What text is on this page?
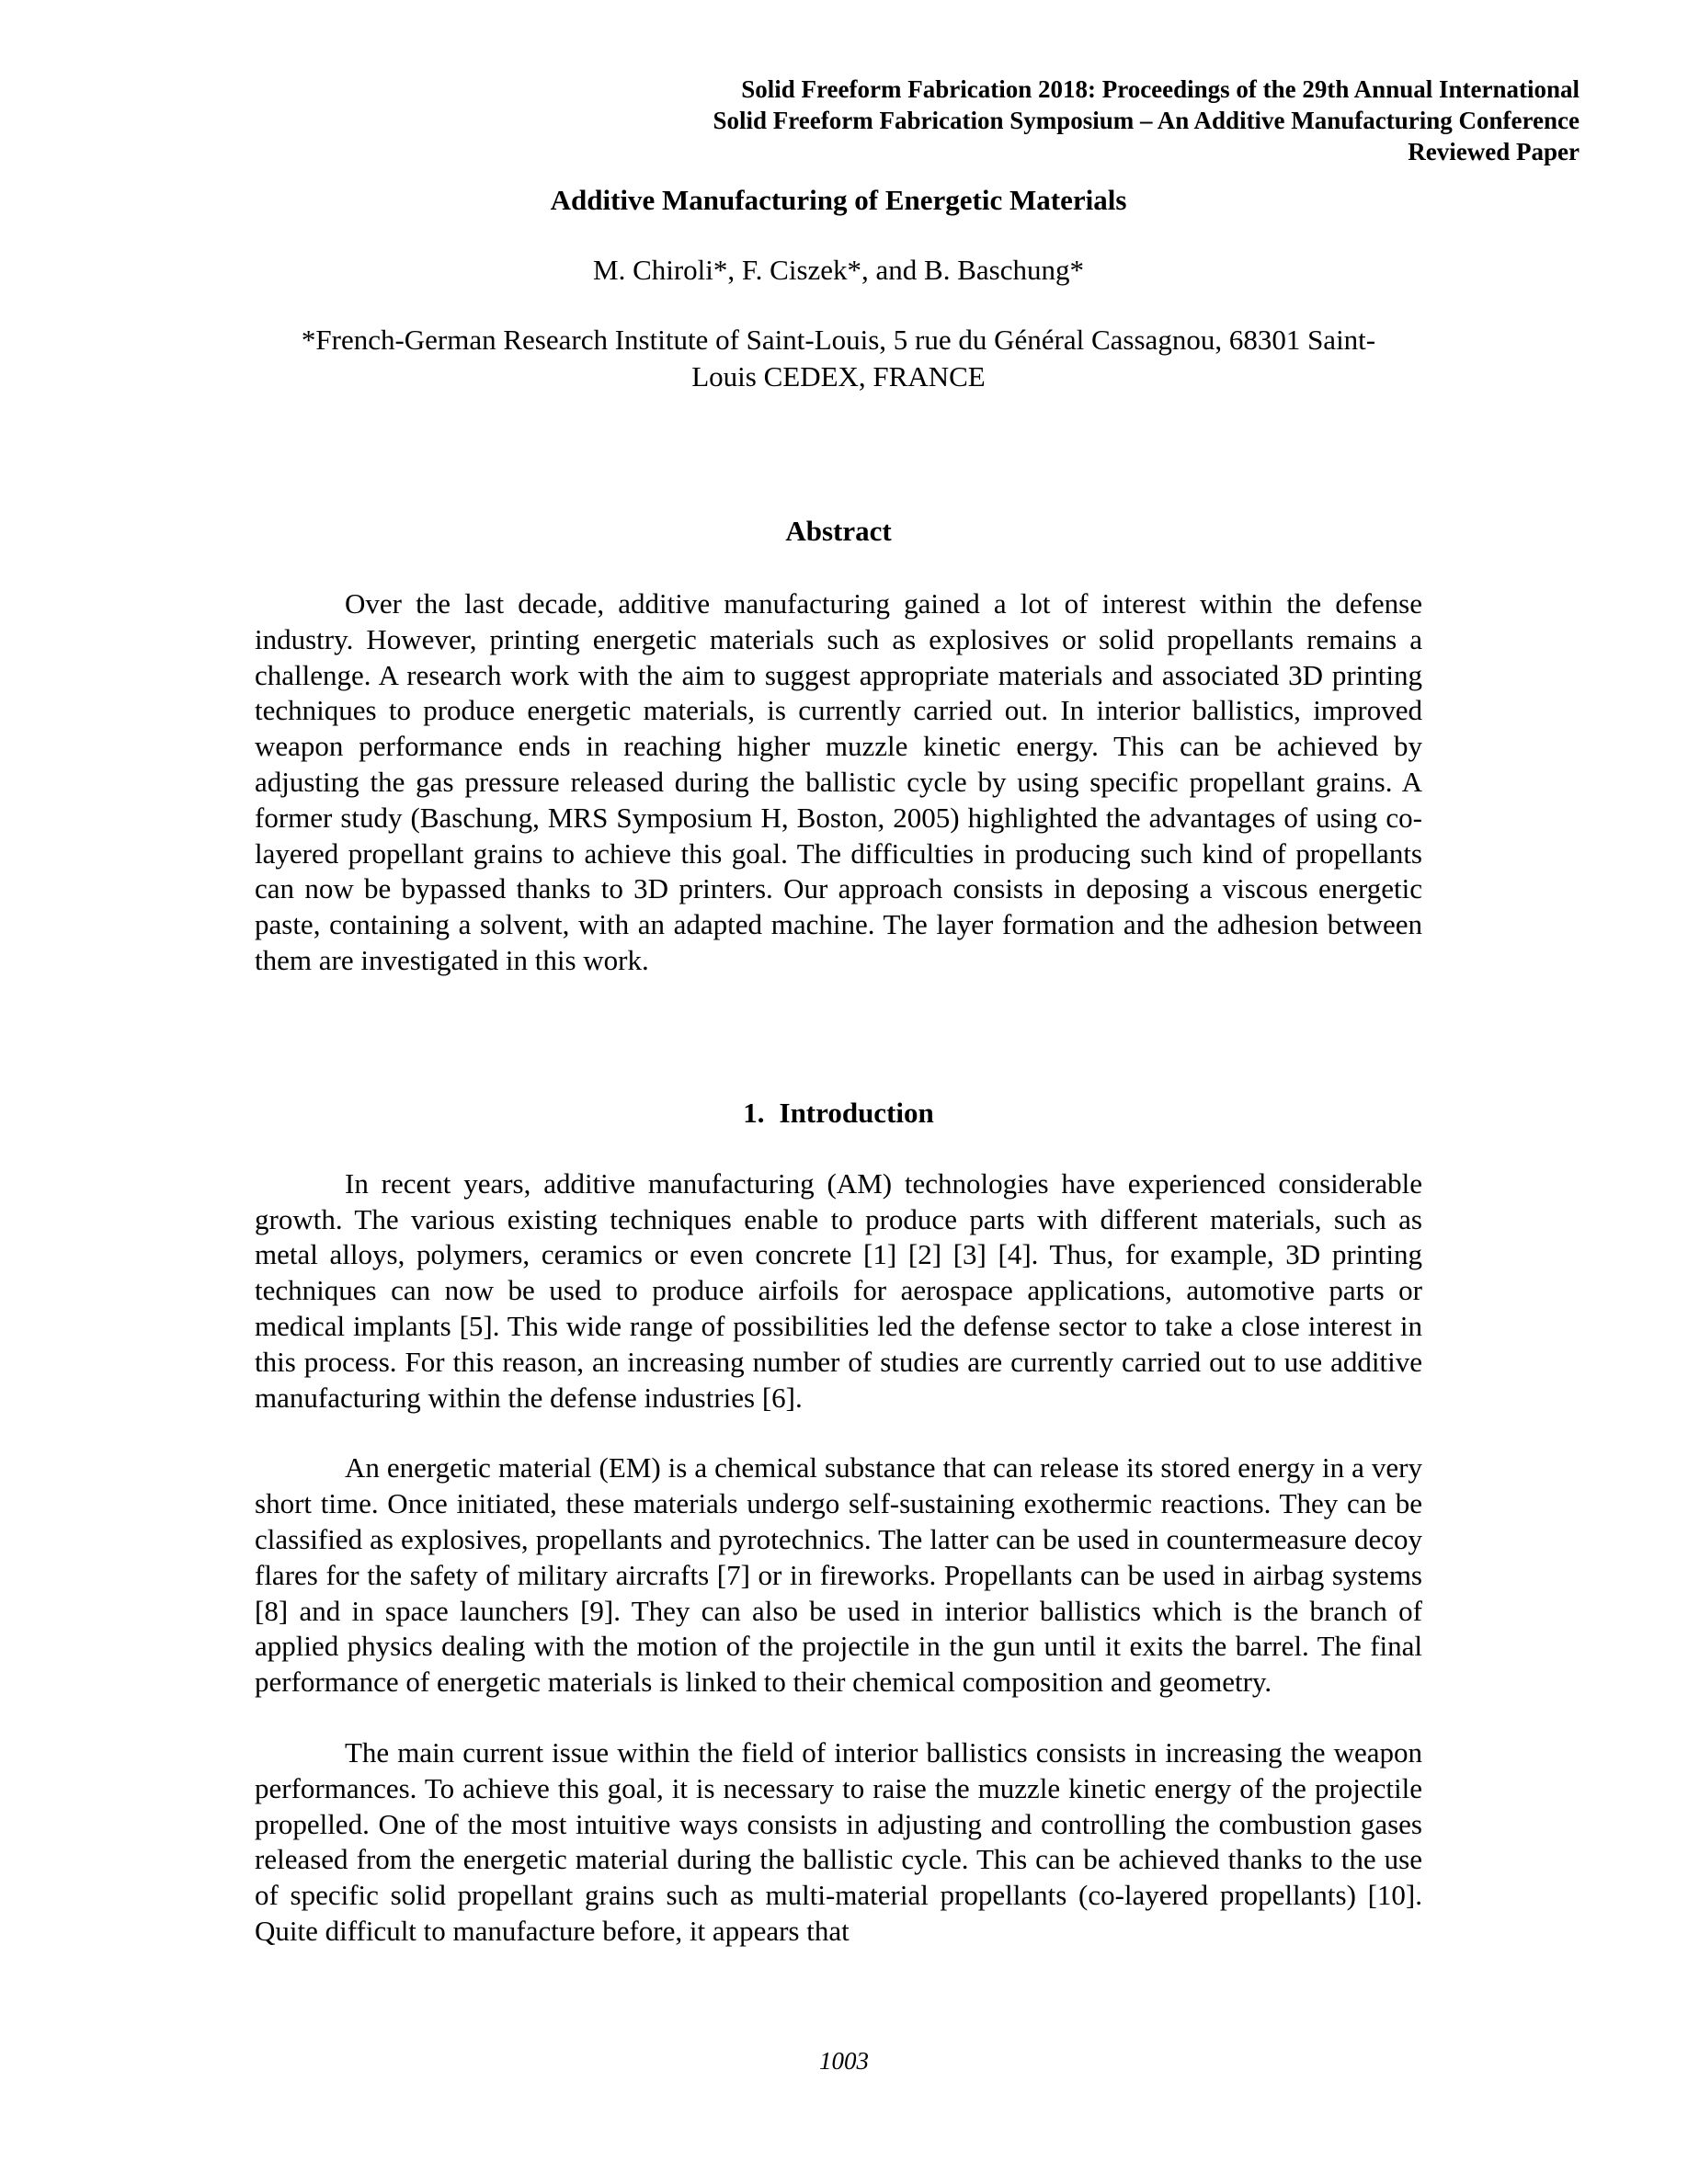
Solid Freeform Fabrication 2018: Proceedings of the 29th Annual International
Solid Freeform Fabrication Symposium – An Additive Manufacturing Conference
Reviewed Paper
Additive Manufacturing of Energetic Materials
M. Chiroli*, F. Ciszek*, and B. Baschung*
*French-German Research Institute of Saint-Louis, 5 rue du Général Cassagnou, 68301 Saint-
Louis CEDEX, FRANCE
Abstract

Over the last decade, additive manufacturing gained a lot of interest within the defense industry. However, printing energetic materials such as explosives or solid propellants remains a challenge. A research work with the aim to suggest appropriate materials and associated 3D printing techniques to produce energetic materials, is currently carried out. In interior ballistics, improved weapon performance ends in reaching higher muzzle kinetic energy. This can be achieved by adjusting the gas pressure released during the ballistic cycle by using specific propellant grains. A former study (Baschung, MRS Symposium H, Boston, 2005) highlighted the advantages of using co-layered propellant grains to achieve this goal. The difficulties in producing such kind of propellants can now be bypassed thanks to 3D printers. Our approach consists in deposing a viscous energetic paste, containing a solvent, with an adapted machine. The layer formation and the adhesion between them are investigated in this work.

1. Introduction

In recent years, additive manufacturing (AM) technologies have experienced considerable growth. The various existing techniques enable to produce parts with different materials, such as metal alloys, polymers, ceramics or even concrete [1] [2] [3] [4]. Thus, for example, 3D printing techniques can now be used to produce airfoils for aerospace applications, automotive parts or medical implants [5]. This wide range of possibilities led the defense sector to take a close interest in this process. For this reason, an increasing number of studies are currently carried out to use additive manufacturing within the defense industries [6].

An energetic material (EM) is a chemical substance that can release its stored energy in a very short time. Once initiated, these materials undergo self-sustaining exothermic reactions. They can be classified as explosives, propellants and pyrotechnics. The latter can be used in countermeasure decoy flares for the safety of military aircrafts [7] or in fireworks. Propellants can be used in airbag systems [8] and in space launchers [9]. They can also be used in interior ballistics which is the branch of applied physics dealing with the motion of the projectile in the gun until it exits the barrel. The final performance of energetic materials is linked to their chemical composition and geometry.

The main current issue within the field of interior ballistics consists in increasing the weapon performances. To achieve this goal, it is necessary to raise the muzzle kinetic energy of the projectile propelled. One of the most intuitive ways consists in adjusting and controlling the combustion gases released from the energetic material during the ballistic cycle. This can be achieved thanks to the use of specific solid propellant grains such as multi-material propellants (co-layered propellants) [10]. Quite difficult to manufacture before, it appears that

1003
